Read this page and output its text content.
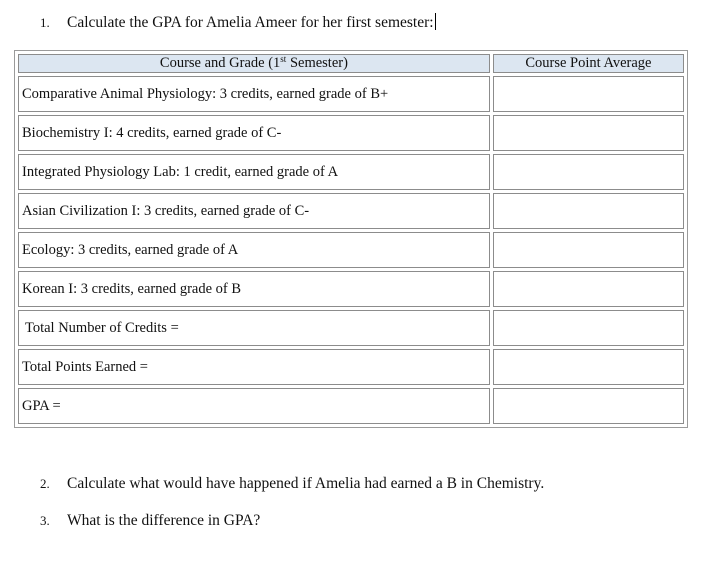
1. Calculate the GPA for Amelia Ameer for her first semester:
Course and Grade (1st Semester)	Course Point Average
Comparative Animal Physiology: 3 credits, earned grade of B+	
Biochemistry I: 4 credits, earned grade of C-	
Integrated Physiology Lab: 1 credit, earned grade of A	
Asian Civilization I: 3 credits, earned grade of C-	
Ecology: 3 credits, earned grade of A	
Korean I: 3 credits, earned grade of B	
Total Number of Credits =	
Total Points Earned =	
GPA =	
2. Calculate what would have happened if Amelia had earned a B in Chemistry.
3. What is the difference in GPA?
